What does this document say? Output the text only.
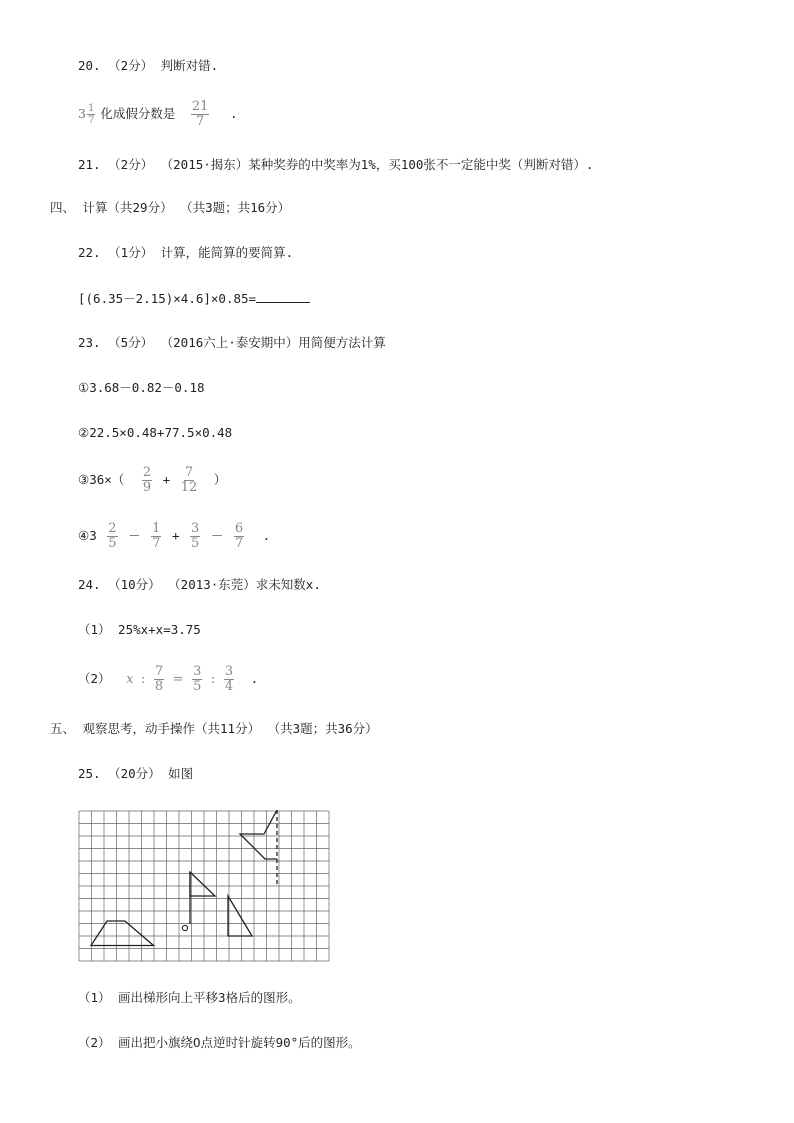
20. （2分） 判断对错.
$3 \frac{1}{7}$ 化成假分数是 $\frac{21}{7}$ .
21. （2分） （2015·揭东）某种奖券的中奖率为1%，买100张不一定能中奖（判断对错）.
四、 计算（共29分） （共3题；共16分）
22. （1分） 计算，能简算的要简算.
[(6.35－2.15)×4.6]×0.85=
23. （5分） （2016六上·泰安期中）用简便方法计算
①3.68－0.82－0.18
②22.5×0.48+77.5×0.48
③36×（ $\frac{2}{9} + \frac{7}{12}$ ）
④3 $\frac{2}{5} - \frac{1}{7} + \frac{3}{5} - \frac{6}{7}$ .
24. （10分） （2013·东莞）求未知数x.
（1） 25%x+x=3.75
（2） x : $\frac{7}{8} = \frac{3}{5}$ : $\frac{3}{4}$ .
五、 观察思考，动手操作（共11分） （共3题；共36分）
25. （20分） 如图
（1） 画出梯形向上平移3格后的图形。
（2） 画出把小旗绕O点逆时针旋转90°后的图形。
